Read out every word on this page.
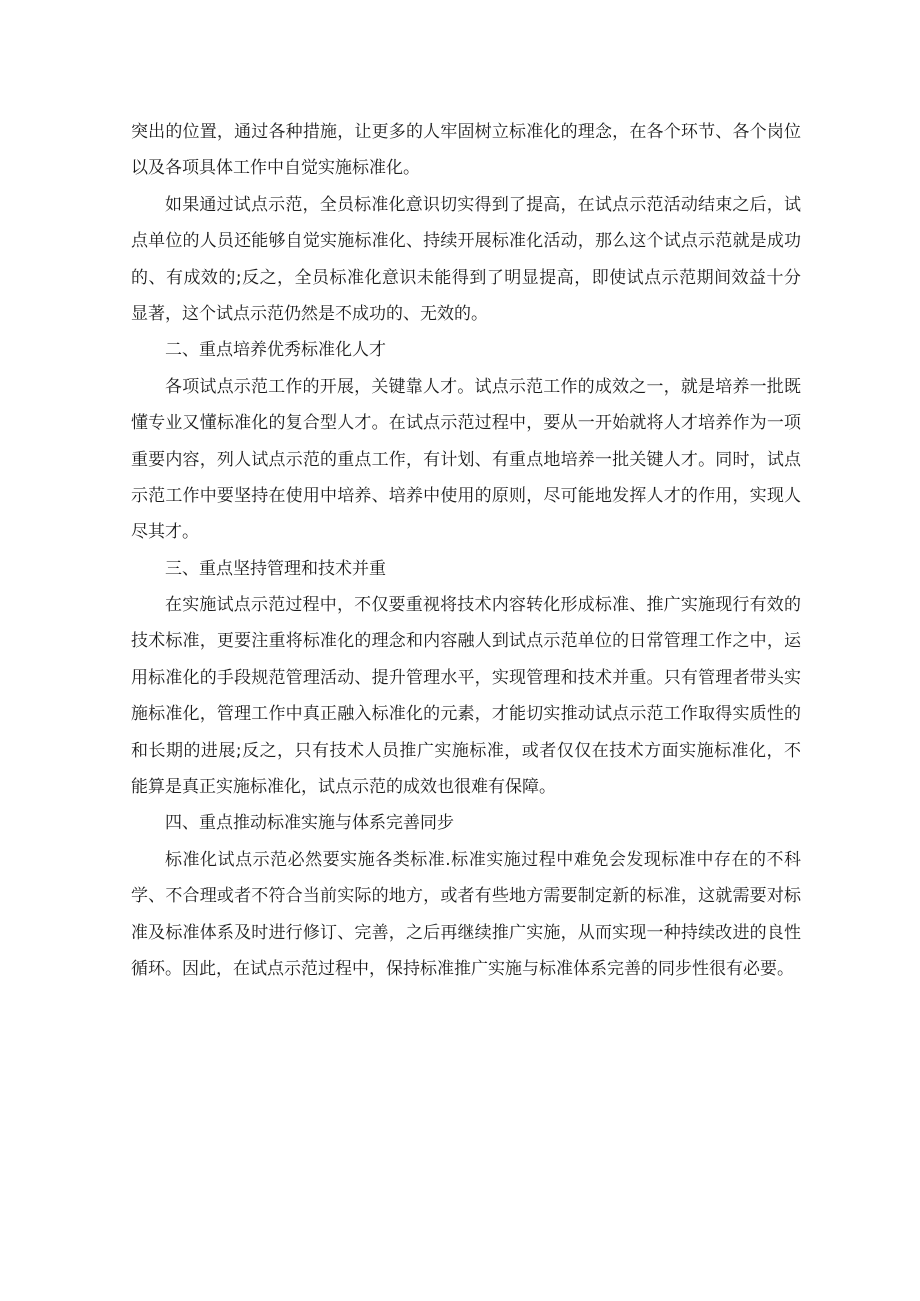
突出的位置，通过各种措施，让更多的人牢固树立标准化的理念，在各个环节、各个岗位
以及各项具体工作中自觉实施标准化。
如果通过试点示范，全员标准化意识切实得到了提高，在试点示范活动结束之后，试
点单位的人员还能够自觉实施标准化、持续开展标准化活动，那么这个试点示范就是成功
的、有成效的;反之，全员标准化意识未能得到了明显提高，即使试点示范期间效益十分
显著，这个试点示范仍然是不成功的、无效的。
二、重点培养优秀标准化人才
各项试点示范工作的开展，关键靠人才。试点示范工作的成效之一，就是培养一批既
懂专业又懂标准化的复合型人才。在试点示范过程中，要从一开始就将人才培养作为一项
重要内容，列人试点示范的重点工作，有计划、有重点地培养一批关键人才。同时，试点
示范工作中要坚持在使用中培养、培养中使用的原则，尽可能地发挥人才的作用，实现人
尽其才。
三、重点坚持管理和技术并重
在实施试点示范过程中，不仅要重视将技术内容转化形成标准、推广实施现行有效的
技术标准，更要注重将标准化的理念和内容融人到试点示范单位的日常管理工作之中，运
用标准化的手段规范管理活动、提升管理水平，实现管理和技术并重。只有管理者带头实
施标准化，管理工作中真正融入标准化的元素，才能切实推动试点示范工作取得实质性的
和长期的进展;反之，只有技术人员推广实施标准，或者仅仅在技术方面实施标准化，不
能算是真正实施标准化，试点示范的成效也很难有保障。
四、重点推动标准实施与体系完善同步
标准化试点示范必然要实施各类标准.标准实施过程中难免会发现标准中存在的不科
学、不合理或者不符合当前实际的地方，或者有些地方需要制定新的标准，这就需要对标
准及标准体系及时进行修订、完善，之后再继续推广实施，从而实现一种持续改进的良性
循环。因此，在试点示范过程中，保持标准推广实施与标准体系完善的同步性很有必要。
